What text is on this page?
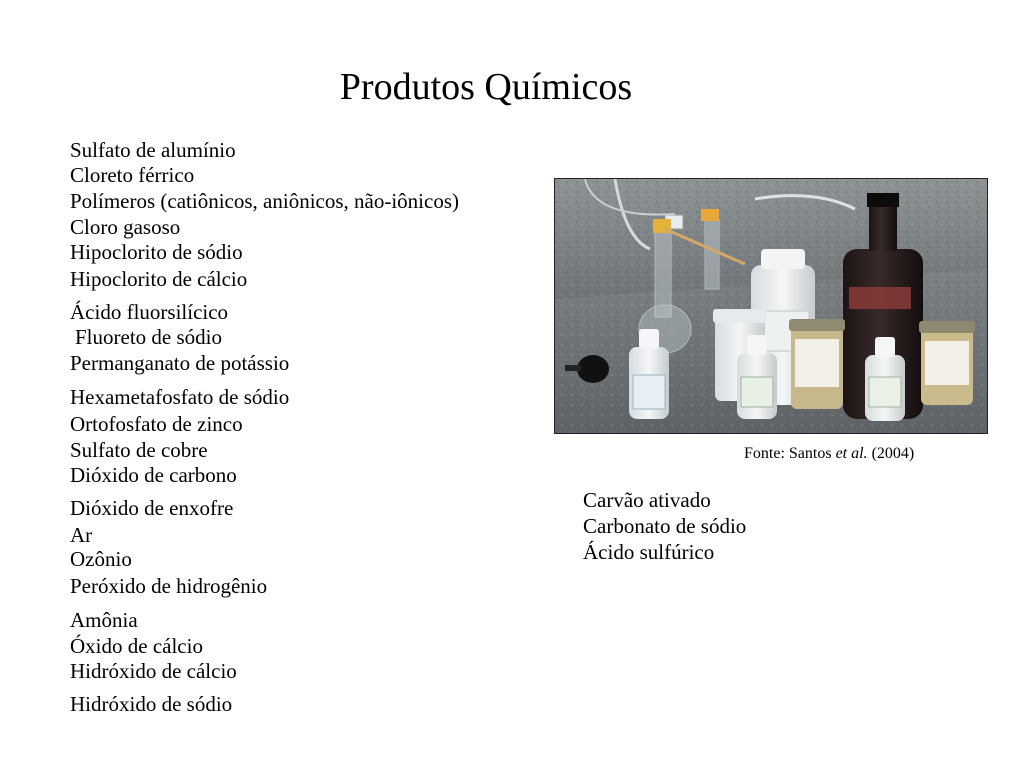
Produtos Químicos
Sulfato de alumínio
Cloreto férrico
Polímeros (catiônicos, aniônicos, não-iônicos)
Cloro gasoso
Hipoclorito de sódio
Hipoclorito de cálcio
Ácido fluorsilícico
Fluoreto de sódio
Permanganato de potássio
Hexametafosfato de sódio
Ortofosfato de zinco
Sulfato de cobre
Dióxido de carbono
Dióxido de enxofre
Ar
Ozônio
Peróxido de hidrogênio
Amônia
Óxido de cálcio
Hidróxido de cálcio
Hidróxido de sódio
Fonte: Santos et al. (2004)
Carvão ativado
Carbonato de sódio
Ácido sulfúrico
